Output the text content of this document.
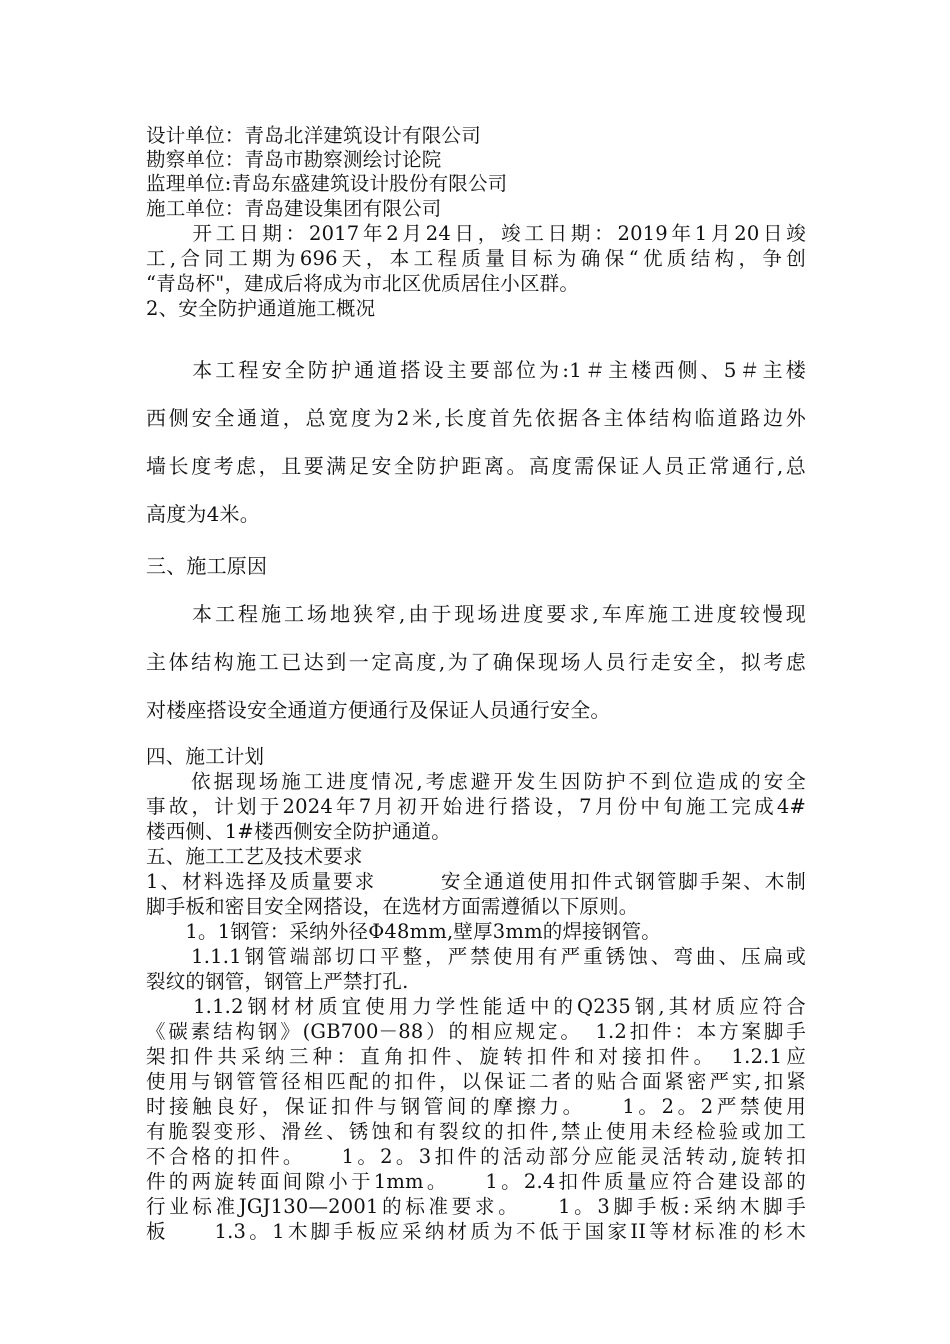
设计单位：青岛北洋建筑设计有限公司
勘察单位：青岛市勘察测绘讨论院
监理单位:青岛东盛建筑设计股份有限公司
施工单位：青岛建设集团有限公司
　　开工日期：2017年2月24日，竣工日期：2019年1月20日竣
工,合同工期为696天，本工程质量目标为确保“优质结构，争创
“青岛杯"，建成后将成为市北区优质居住小区群。
2、安全防护通道施工概况
　　本工程安全防护通道搭设主要部位为:1＃主楼西侧、5＃主楼
西侧安全通道，总宽度为2米,长度首先依据各主体结构临道路边外
墙长度考虑，且要满足安全防护距离。高度需保证人员正常通行,总
高度为4米。
三、施工原因
　　本工程施工场地狭窄,由于现场进度要求,车库施工进度较慢现
主体结构施工已达到一定高度,为了确保现场人员行走安全，拟考虑
对楼座搭设安全通道方便通行及保证人员通行安全。
四、施工计划
　　依据现场施工进度情况,考虑避开发生因防护不到位造成的安全
事故，计划于2024年7月初开始进行搭设，7月份中旬施工完成4#
楼西侧、1#楼西侧安全防护通道。
五、施工工艺及技术要求
1、材料选择及质量要求　　　安全通道使用扣件式钢管脚手架、木制
脚手板和密目安全网搭设，在选材方面需遵循以下原则。
　　1。1钢管：采纳外径Φ48mm,壁厚3mm的焊接钢管。
　　1.1.1钢管端部切口平整，严禁使用有严重锈蚀、弯曲、压扁或
裂纹的钢管，钢管上严禁打孔.
　　1.1.2钢材材质宜使用力学性能适中的Q235钢,其材质应符合
《碳素结构钢》(GB700－88）的相应规定。　1.2扣件：本方案脚手
架扣件共采纳三种：直角扣件、旋转扣件和对接扣件。　1.2.1应
使用与钢管管径相匹配的扣件，以保证二者的贴合面紧密严实,扣紧
时接触良好，保证扣件与钢管间的摩擦力。　　1。2。2严禁使用
有脆裂变形、滑丝、锈蚀和有裂纹的扣件,禁止使用未经检验或加工
不合格的扣件。　　1。2。3扣件的活动部分应能灵活转动,旋转扣
件的两旋转面间隙小于1mm。　　1。2.4扣件质量应符合建设部的
行业标准JGJ130—2001的标准要求。　　1。3脚手板:采纳木脚手
板　　1.3。1木脚手板应采纳材质为不低于国家II等材标准的杉木
